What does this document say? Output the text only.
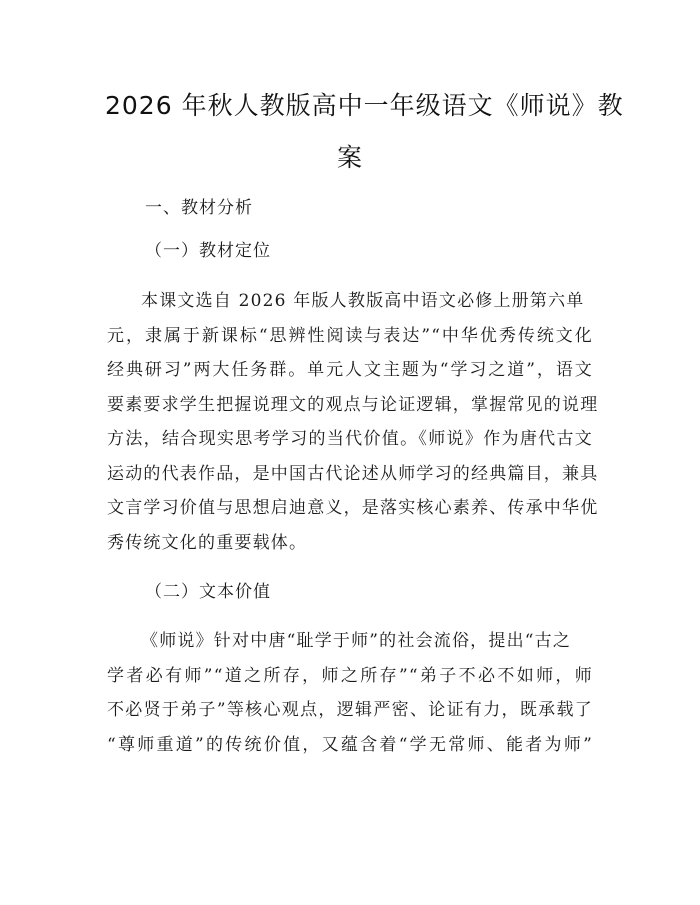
2026 年秋人教版高中一年级语文《师说》教
案
一、教材分析
（一）教材定位
本课文选自 2026 年版人教版高中语文必修上册第六单
元，隶属于新课标“思辨性阅读与表达”“中华优秀传统文化
经典研习”两大任务群。单元人文主题为“学习之道”，语文
要素要求学生把握说理文的观点与论证逻辑，掌握常见的说理
方法，结合现实思考学习的当代价值。《师说》作为唐代古文
运动的代表作品，是中国古代论述从师学习的经典篇目，兼具
文言学习价值与思想启迪意义，是落实核心素养、传承中华优
秀传统文化的重要载体。
（二）文本价值
《师说》针对中唐“耻学于师”的社会流俗，提出“古之
学者必有师”“道之所存，师之所存”“弟子不必不如师，师
不必贤于弟子”等核心观点，逻辑严密、论证有力，既承载了
“尊师重道”的传统价值，又蕴含着“学无常师、能者为师”
